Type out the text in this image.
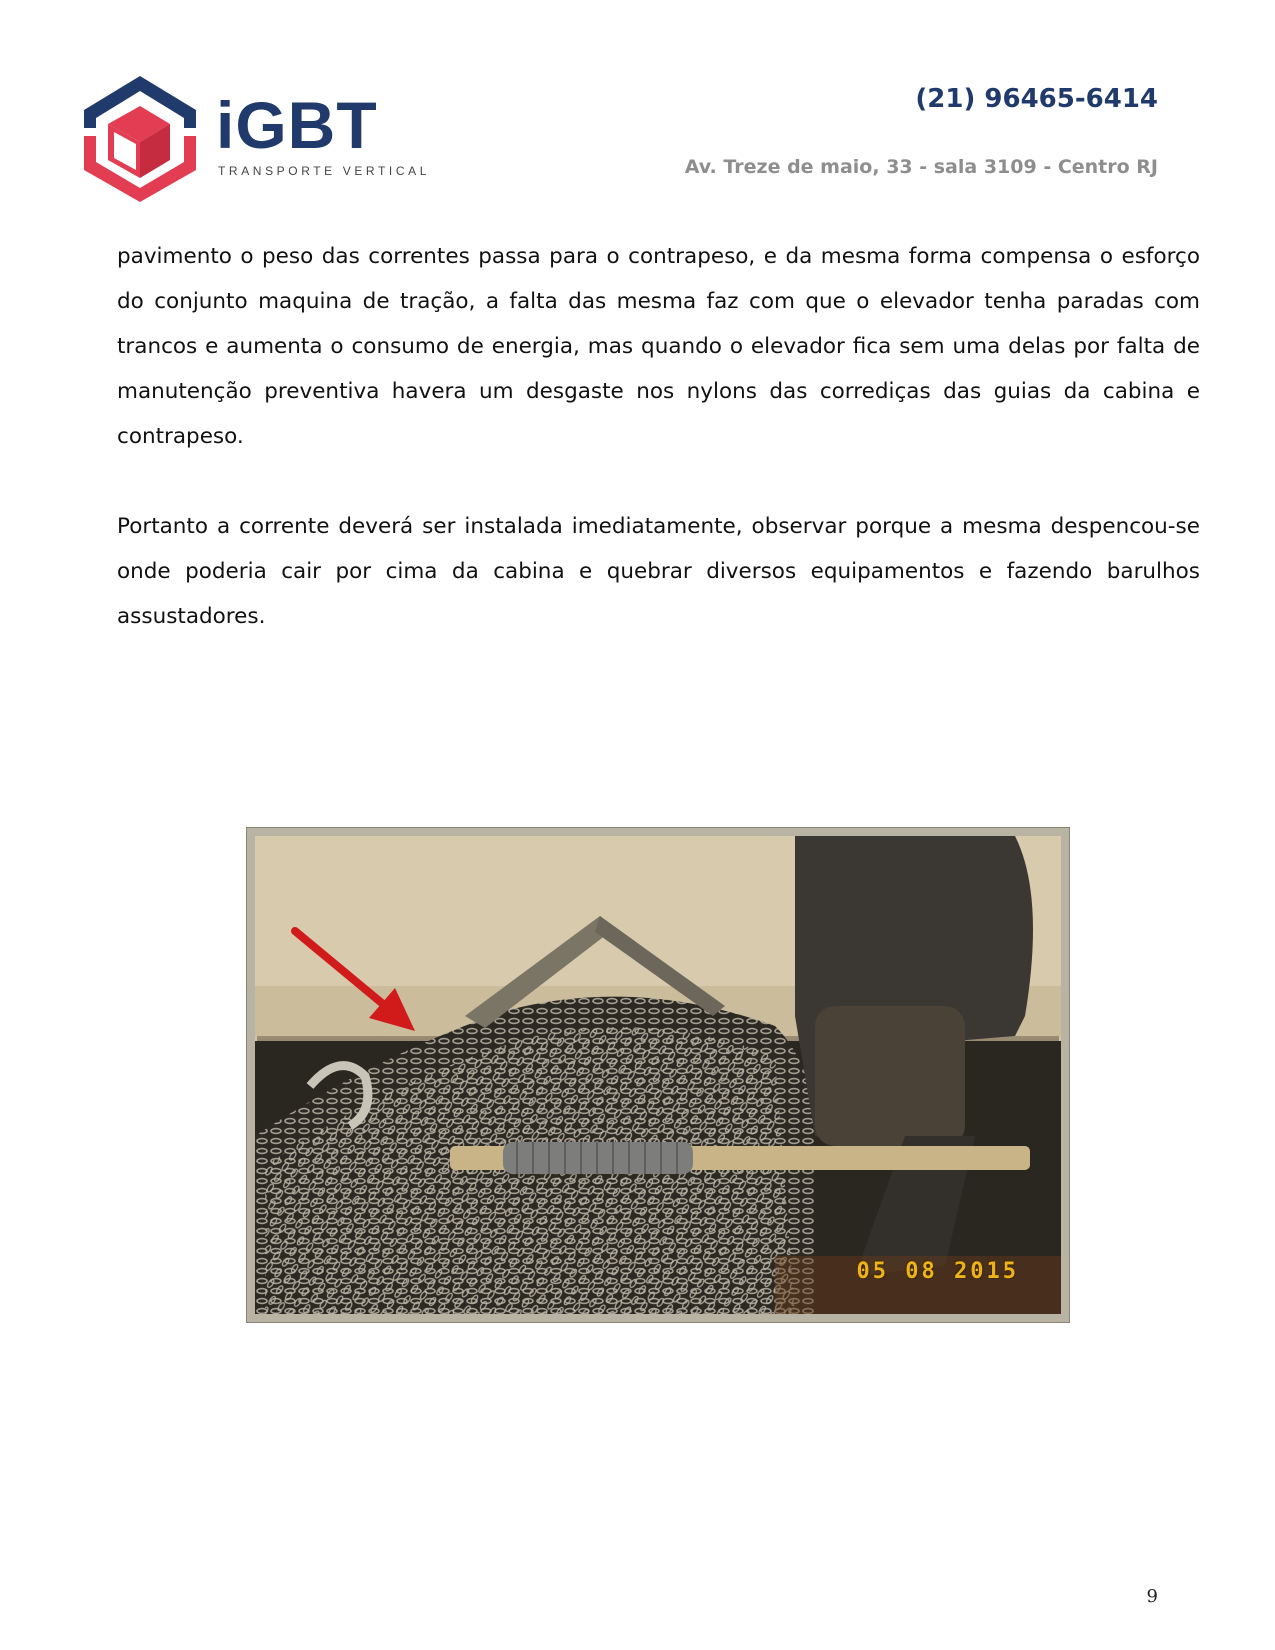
iGBT
TRANSPORTE VERTICAL
(21) 96465-6414
Av. Treze de maio, 33 - sala 3109 - Centro RJ

pavimento o peso das correntes passa para o contrapeso, e da mesma forma compensa o esforço do conjunto maquina de tração, a falta das mesma faz com que o elevador tenha paradas com trancos e aumenta o consumo de energia, mas quando o elevador fica sem uma delas por falta de manutenção preventiva havera um desgaste nos nylons das corrediças das guias da cabina e contrapeso.

Portanto a corrente deverá ser instalada imediatamente, observar porque a mesma despencou-se onde poderia cair por cima da cabina e quebrar diversos equipamentos e fazendo barulhos assustadores.

05 08 2015
9
